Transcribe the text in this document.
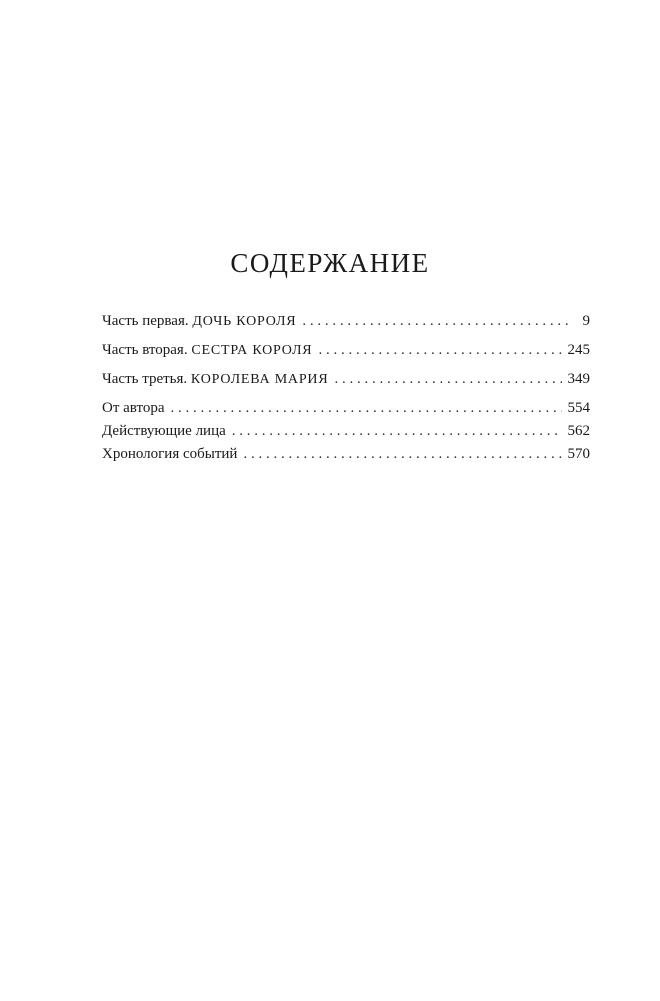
СОДЕРЖАНИЕ
Часть первая. ДОЧЬ КОРОЛЯ . . .	9
Часть вторая. СЕСТРА КОРОЛЯ . . .	245
Часть третья. КОРОЛЕВА МАРИЯ . . .	349
От автора . . .	554
Действующие лица . . .	562
Хронология событий . . .	570
